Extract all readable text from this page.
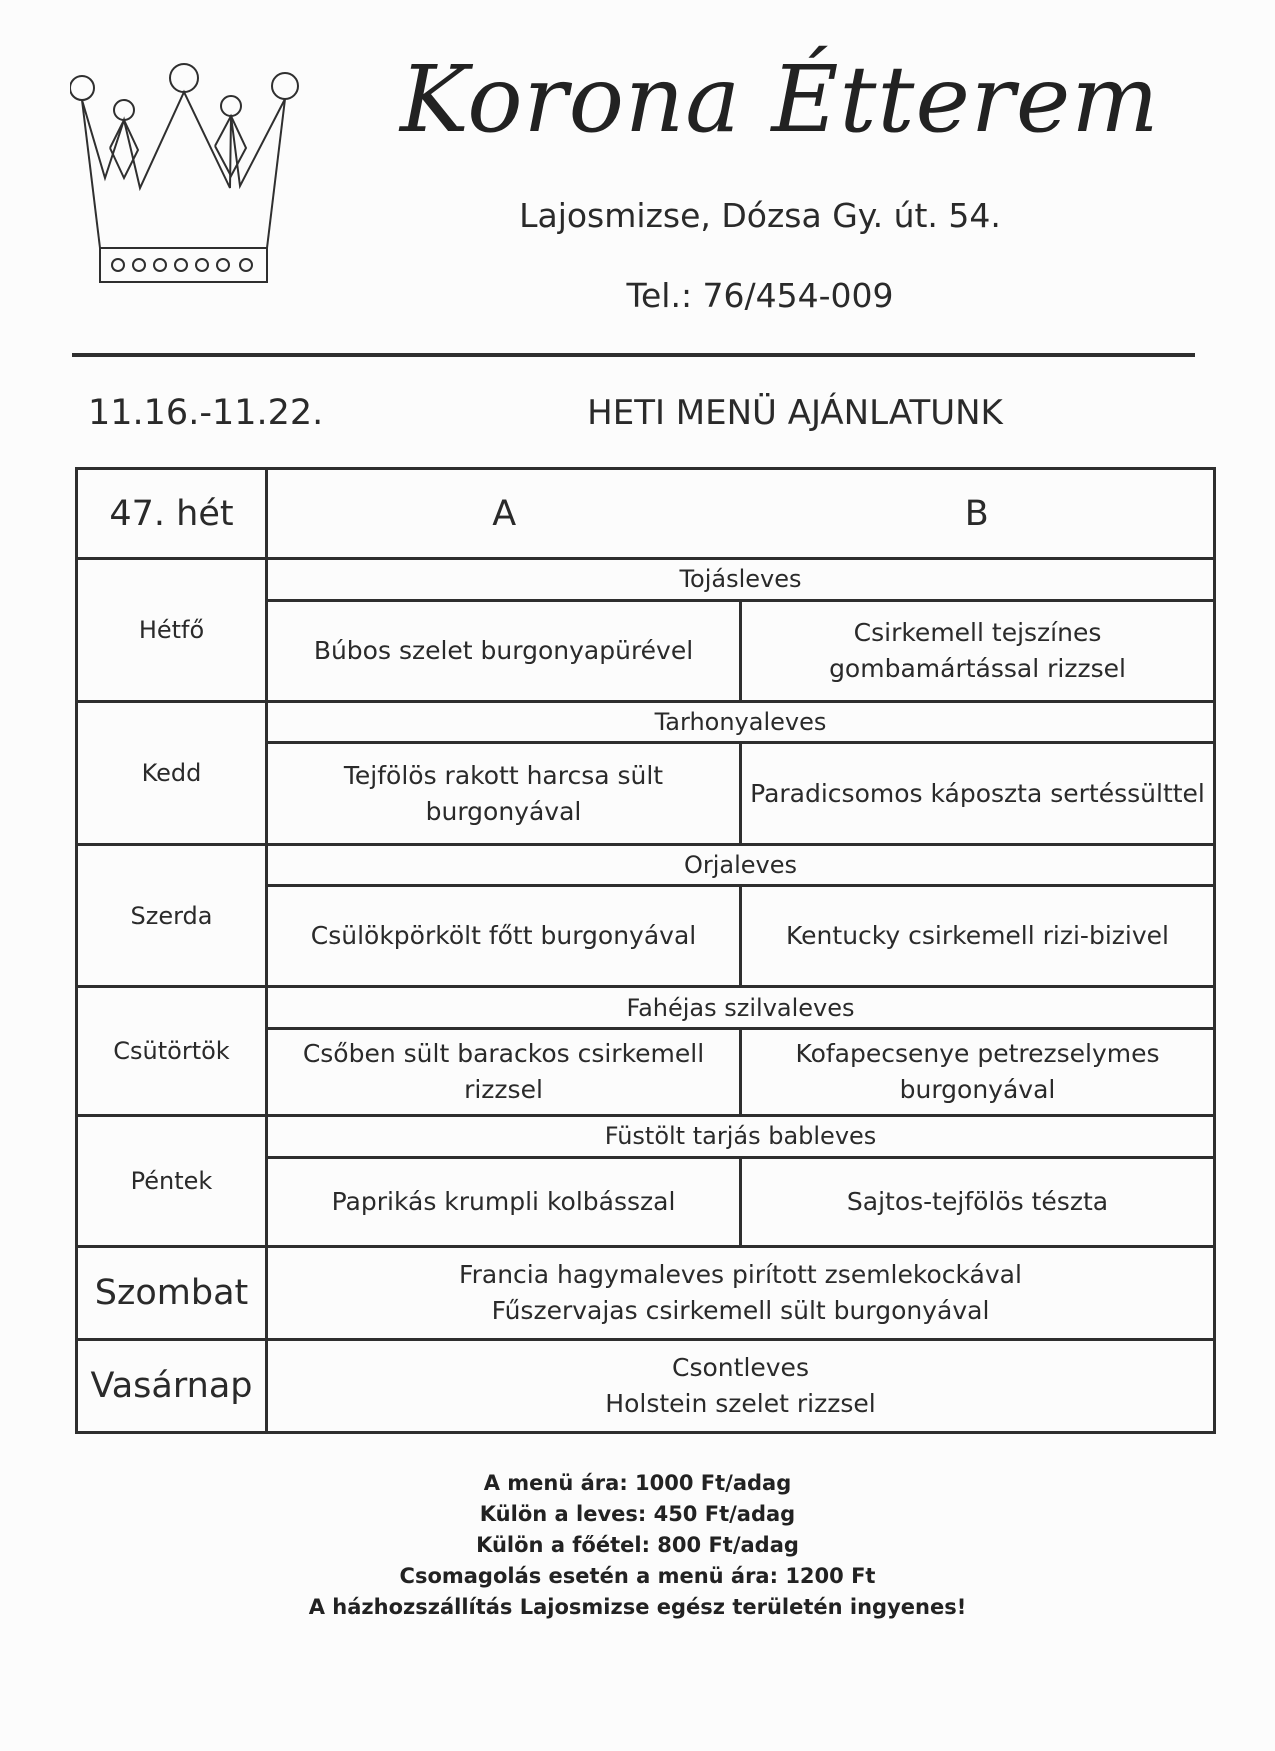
Korona Étterem
Lajosmizse, Dózsa Gy. út. 54.
Tel.: 76/454-009
11.16.-11.22.	HETI MENÜ AJÁNLATUNK
47. hét	A	B
Hétfő	Tojásleves	
	Búbos szelet burgonyapürével	Csirkemell tejszínes gombamártással rizzsel
Kedd	Tarhonyaleves	
	Tejfölös rakott harcsa sült burgonyával	Paradicsomos káposzta sertéssülttel
Szerda	Orjaleves	
	Csülökpörkölt főtt burgonyával	Kentucky csirkemell rizi-bizivel
Csütörtök	Fahéjas szilvaleves	
	Csőben sült barackos csirkemell rizzsel	Kofapecsenye petrezselymes burgonyával
Péntek	Füstölt tarjás bableves	
	Paprikás krumpli kolbásszal	Sajtos-tejfölös tészta
Szombat	Francia hagymaleves pirított zsemlekockával
Fűszervajas csirkemell sült burgonyával	

Vasárnap	Csontleves
Holstein szelet rizzsel	
A menü ára: 1000 Ft/adag
Külön a leves: 450 Ft/adag
Külön a főétel: 800 Ft/adag
Csomagolás esetén a menü ára: 1200 Ft
A házhozszállítás Lajosmizse egész területén ingyenes!
